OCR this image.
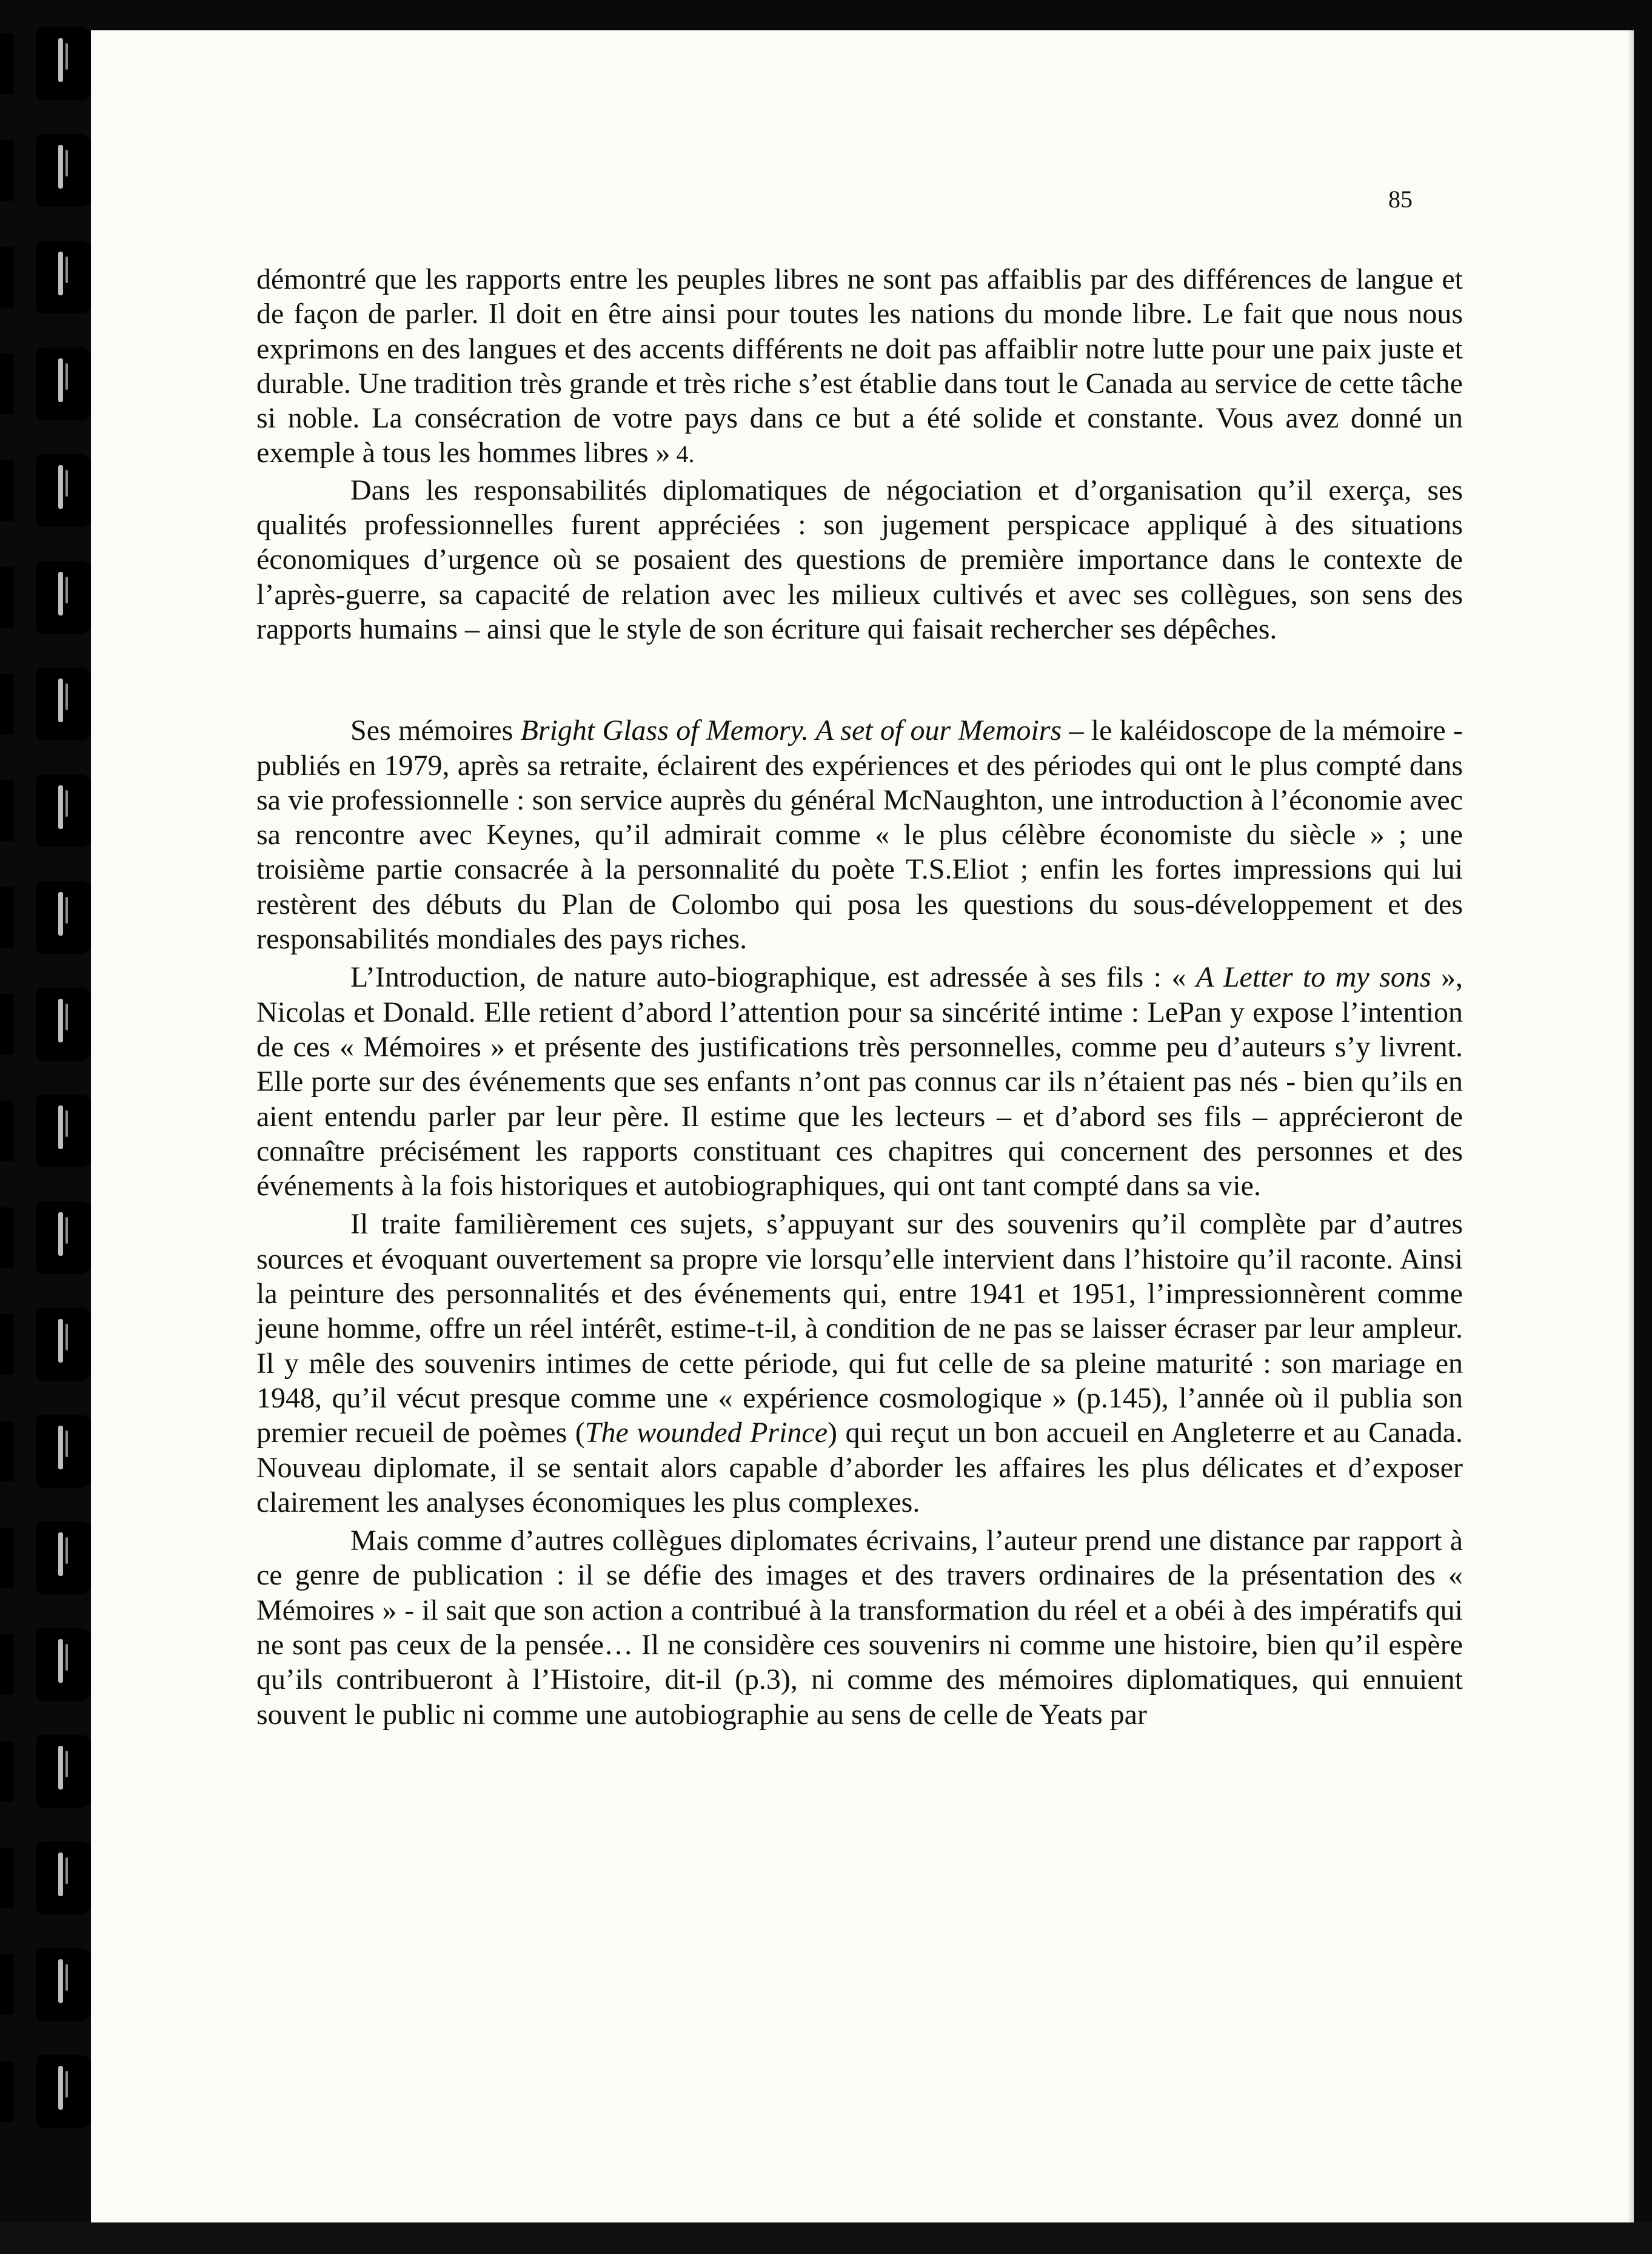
85

démontré que les rapports entre les peuples libres ne sont pas affaiblis par des différences de langue et de façon de parler. Il doit en être ainsi pour toutes les nations du monde libre. Le fait que nous nous exprimons en des langues et des accents différents ne doit pas affaiblir notre lutte pour une paix juste et durable. Une tradition très grande et très riche s’est établie dans tout le Canada au service de cette tâche si noble. La consécration de votre pays dans ce but a été solide et constante. Vous avez donné un exemple à tous les hommes libres » 4.

Dans les responsabilités diplomatiques de négociation et d’organisation qu’il exerça, ses qualités professionnelles furent appréciées : son jugement perspicace appliqué à des situations économiques d’urgence où se posaient des questions de première importance dans le contexte de l’après-guerre, sa capacité de relation avec les milieux cultivés et avec ses collègues, son sens des rapports humains – ainsi que le style de son écriture qui faisait rechercher ses dépêches.

Ses mémoires Bright Glass of Memory. A set of our Memoirs – le kaléidoscope de la mémoire - publiés en 1979, après sa retraite, éclairent des expériences et des périodes qui ont le plus compté dans sa vie professionnelle : son service auprès du général McNaughton, une introduction à l’économie avec sa rencontre avec Keynes, qu’il admirait comme « le plus célèbre économiste du siècle » ; une troisième partie consacrée à la personnalité du poète T.S.Eliot ; enfin les fortes impressions qui lui restèrent des débuts du Plan de Colombo qui posa les questions du sous-développement et des responsabilités mondiales des pays riches.

L’Introduction, de nature auto-biographique, est adressée à ses fils : « A Letter to my sons », Nicolas et Donald. Elle retient d’abord l’attention pour sa sincérité intime : LePan y expose l’intention de ces « Mémoires » et présente des justifications très personnelles, comme peu d’auteurs s’y livrent. Elle porte sur des événements que ses enfants n’ont pas connus car ils n’étaient pas nés - bien qu’ils en aient entendu parler par leur père. Il estime que les lecteurs – et d’abord ses fils – apprécieront de connaître précisément les rapports constituant ces chapitres qui concernent des personnes et des événements à la fois historiques et autobiographiques, qui ont tant compté dans sa vie.

Il traite familièrement ces sujets, s’appuyant sur des souvenirs qu’il complète par d’autres sources et évoquant ouvertement sa propre vie lorsqu’elle intervient dans l’histoire qu’il raconte. Ainsi la peinture des personnalités et des événements qui, entre 1941 et 1951, l’impressionnèrent comme jeune homme, offre un réel intérêt, estime-t-il, à condition de ne pas se laisser écraser par leur ampleur. Il y mêle des souvenirs intimes de cette période, qui fut celle de sa pleine maturité : son mariage en 1948, qu’il vécut presque comme une « expérience cosmologique » (p.145), l’année où il publia son premier recueil de poèmes (The wounded Prince) qui reçut un bon accueil en Angleterre et au Canada. Nouveau diplomate, il se sentait alors capable d’aborder les affaires les plus délicates et d’exposer clairement les analyses économiques les plus complexes.

Mais comme d’autres collègues diplomates écrivains, l’auteur prend une distance par rapport à ce genre de publication : il se défie des images et des travers ordinaires de la présentation des « Mémoires » - il sait que son action a contribué à la transformation du réel et a obéi à des impératifs qui ne sont pas ceux de la pensée… Il ne considère ces souvenirs ni comme une histoire, bien qu’il espère qu’ils contribueront à l’Histoire, dit-il (p.3), ni comme des mémoires diplomatiques, qui ennuient souvent le public ni comme une autobiographie au sens de celle de Yeats par
